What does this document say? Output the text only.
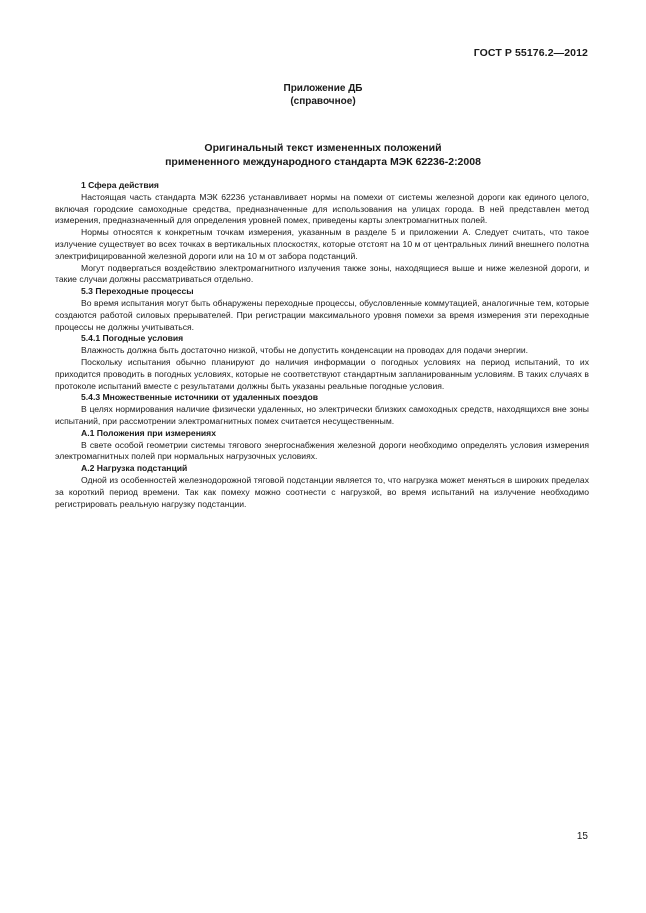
ГОСТ Р 55176.2—2012
Приложение ДБ
(справочное)
Оригинальный текст измененных положений
примененного международного стандарта МЭК 62236-2:2008
1 Сфера действия

Настоящая часть стандарта МЭК 62236 устанавливает нормы на помехи от системы железной дороги как единого целого, включая городские самоходные средства, предназначенные для использования на улицах города. В ней представлен метод измерения, предназначенный для определения уровней помех, приведены карты электромагнитных полей.

Нормы относятся к конкретным точкам измерения, указанным в разделе 5 и приложении А. Следует считать, что такое излучение существует во всех точках в вертикальных плоскостях, которые отстоят на 10 м от центральных линий внешнего полотна электрифицированной железной дороги или на 10 м от забора подстанций.

Могут подвергаться воздействию электромагнитного излучения также зоны, находящиеся выше и ниже железной дороги, и такие случаи должны рассматриваться отдельно.

5.3 Переходные процессы

Во время испытания могут быть обнаружены переходные процессы, обусловленные коммутацией, аналогичные тем, которые создаются работой силовых прерывателей. При регистрации максимального уровня помехи за время измерения эти переходные процессы не должны учитываться.

5.4.1 Погодные условия

Влажность должна быть достаточно низкой, чтобы не допустить конденсации на проводах для подачи энергии.

Поскольку испытания обычно планируют до наличия информации о погодных условиях на период испытаний, то их приходится проводить в погодных условиях, которые не соответствуют стандартным запланированным условиям. В таких случаях в протоколе испытаний вместе с результатами должны быть указаны реальные погодные условия.

5.4.3 Множественные источники от удаленных поездов

В целях нормирования наличие физически удаленных, но электрически близких самоходных средств, находящихся вне зоны испытаний, при рассмотрении электромагнитных помех считается несущественным.

А.1 Положения при измерениях

В свете особой геометрии системы тягового энергоснабжения железной дороги необходимо определять условия измерения электромагнитных полей при нормальных нагрузочных условиях.

А.2 Нагрузка подстанций

Одной из особенностей железнодорожной тяговой подстанции является то, что нагрузка может меняться в широких пределах за короткий период времени. Так как помеху можно соотнести с нагрузкой, во время испытаний на излучение необходимо регистрировать реальную нагрузку подстанции.

15
